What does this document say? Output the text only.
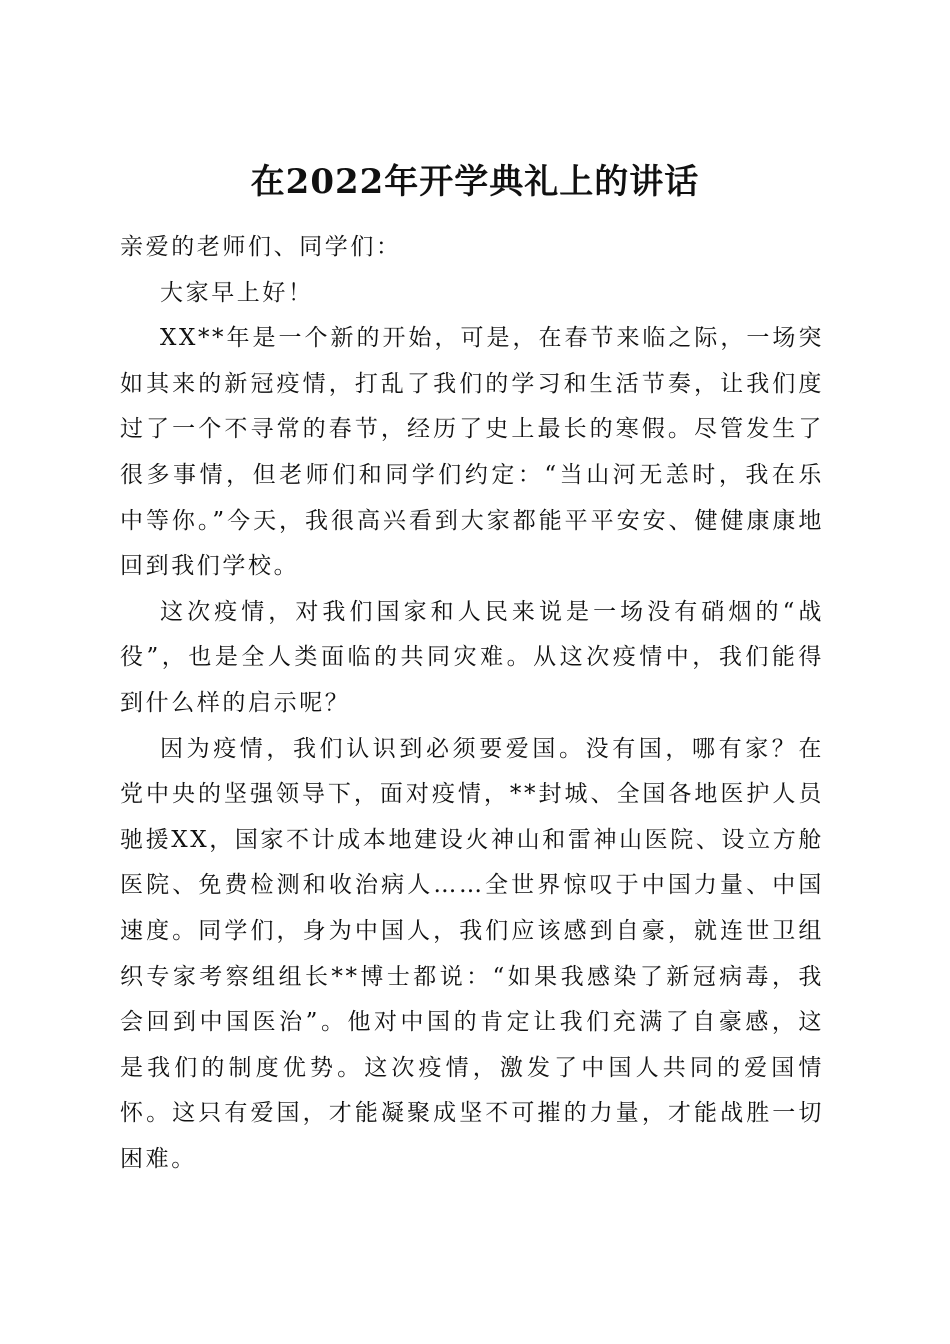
在2022年开学典礼上的讲话

亲爱的老师们、同学们：

大家早上好！

XX**年是一个新的开始，可是，在春节来临之际，一场突如其来的新冠疫情，打乱了我们的学习和生活节奏，让我们度过了一个不寻常的春节，经历了史上最长的寒假。尽管发生了很多事情，但老师们和同学们约定：“当山河无恙时，我在乐中等你。”今天，我很高兴看到大家都能平平安安、健健康康地回到我们学校。

这次疫情，对我们国家和人民来说是一场没有硝烟的“战役”，也是全人类面临的共同灾难。从这次疫情中，我们能得到什么样的启示呢？

因为疫情，我们认识到必须要爱国。没有国，哪有家？在党中央的坚强领导下，面对疫情，**封城、全国各地医护人员驰援XX，国家不计成本地建设火神山和雷神山医院、设立方舱医院、免费检测和收治病人……全世界惊叹于中国力量、中国速度。同学们，身为中国人，我们应该感到自豪，就连世卫组织专家考察组组长**博士都说：“如果我感染了新冠病毒，我会回到中国医治”。他对中国的肯定让我们充满了自豪感，这是我们的制度优势。这次疫情，激发了中国人共同的爱国情怀。这只有爱国，才能凝聚成坚不可摧的力量，才能战胜一切困难。
